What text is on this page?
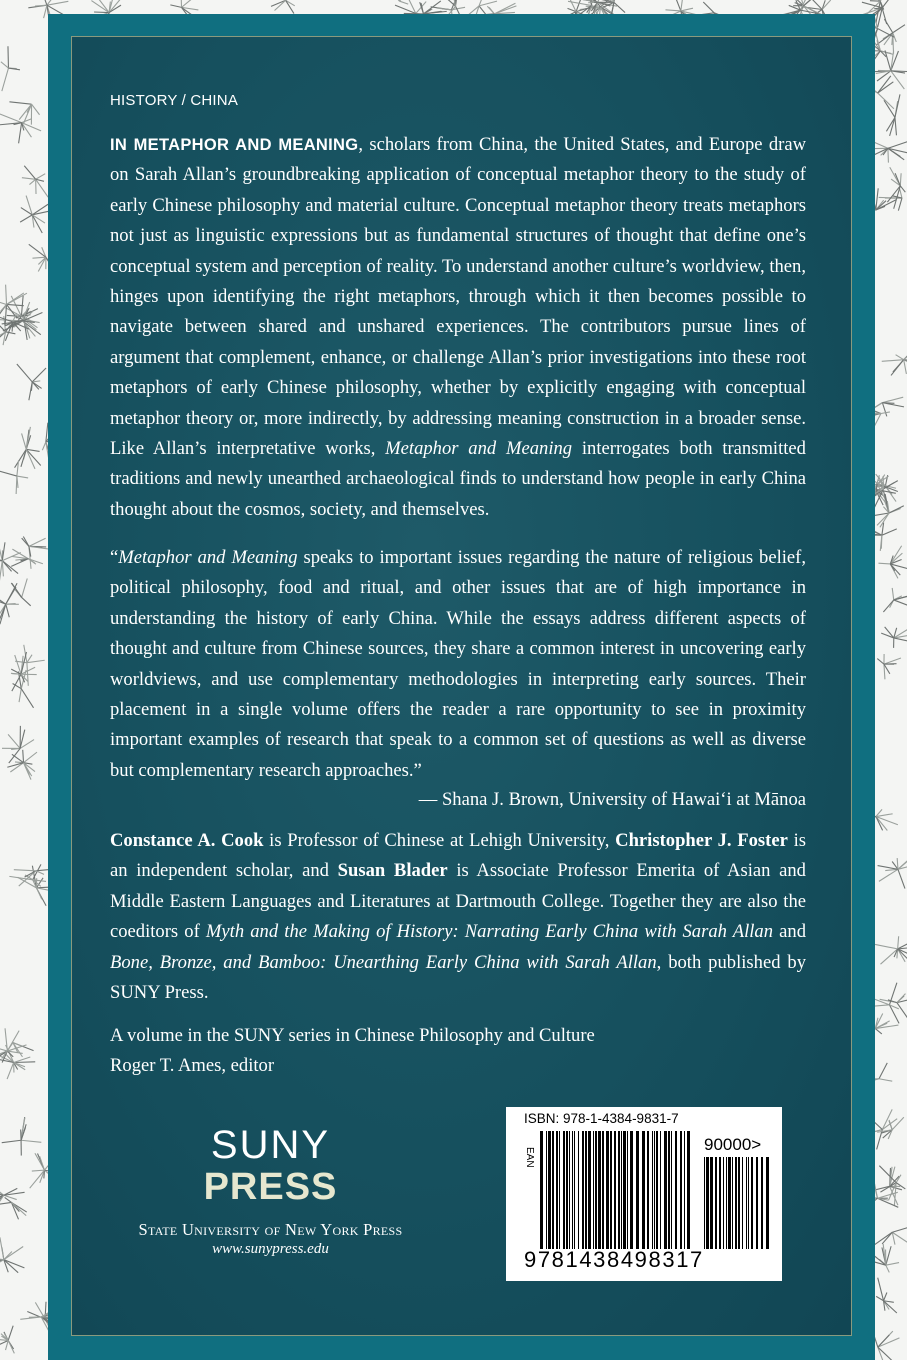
HISTORY / CHINA

IN METAPHOR AND MEANING, scholars from China, the United States, and Europe draw on Sarah Allan’s groundbreaking application of conceptual metaphor theory to the study of early Chinese philosophy and material culture. Conceptual metaphor theory treats metaphors not just as linguistic expressions but as fundamental structures of thought that define one’s conceptual system and perception of reality. To understand another culture’s worldview, then, hinges upon identifying the right metaphors, through which it then becomes possible to navigate between shared and unshared experiences. The contributors pursue lines of argument that complement, enhance, or challenge Allan’s prior investigations into these root metaphors of early Chinese philosophy, whether by explicitly engaging with conceptual metaphor theory or, more indirectly, by addressing meaning construction in a broader sense. Like Allan’s interpretative works, Metaphor and Meaning interrogates both transmitted traditions and newly unearthed archaeological finds to understand how people in early China thought about the cosmos, society, and themselves.

“Metaphor and Meaning speaks to important issues regarding the nature of religious belief, political philosophy, food and ritual, and other issues that are of high importance in understanding the history of early China. While the essays address different aspects of thought and culture from Chinese sources, they share a common interest in uncovering early worldviews, and use complementary methodologies in interpreting early sources. Their placement in a single volume offers the reader a rare opportunity to see in proximity important examples of research that speak to a common set of questions as well as diverse but complementary research approaches.”

— Shana J. Brown, University of Hawaiʻi at Mānoa

Constance A. Cook is Professor of Chinese at Lehigh University, Christopher J. Foster is an independent scholar, and Susan Blader is Associate Professor Emerita of Asian and Middle Eastern Languages and Literatures at Dartmouth College. Together they are also the coeditors of Myth and the Making of History: Narrating Early China with Sarah Allan and Bone, Bronze, and Bamboo: Unearthing Early China with Sarah Allan, both published by SUNY Press.

A volume in the SUNY series in Chinese Philosophy and Culture
Roger T. Ames, editor
SUNY
PRESS
State University of New York Press
www.sunypress.edu
ISBN: 978-1-4384-9831-7
90000>
EAN
9781438498317
